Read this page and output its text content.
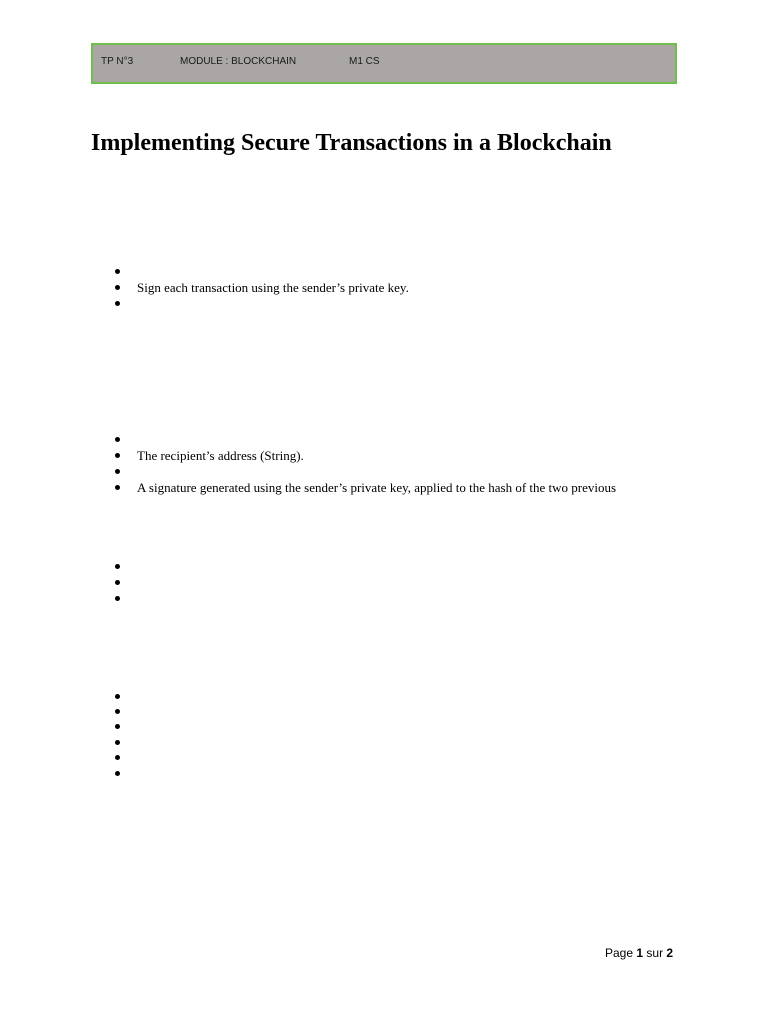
TP N°3	MODULE : BLOCKCHAIN	M1 CS
Implementing Secure Transactions in a Blockchain
Sign each transaction using the sender’s private key.
The recipient’s address (String).
A signature generated using the sender’s private key, applied to the hash of the two previous
Page 1 sur 2
